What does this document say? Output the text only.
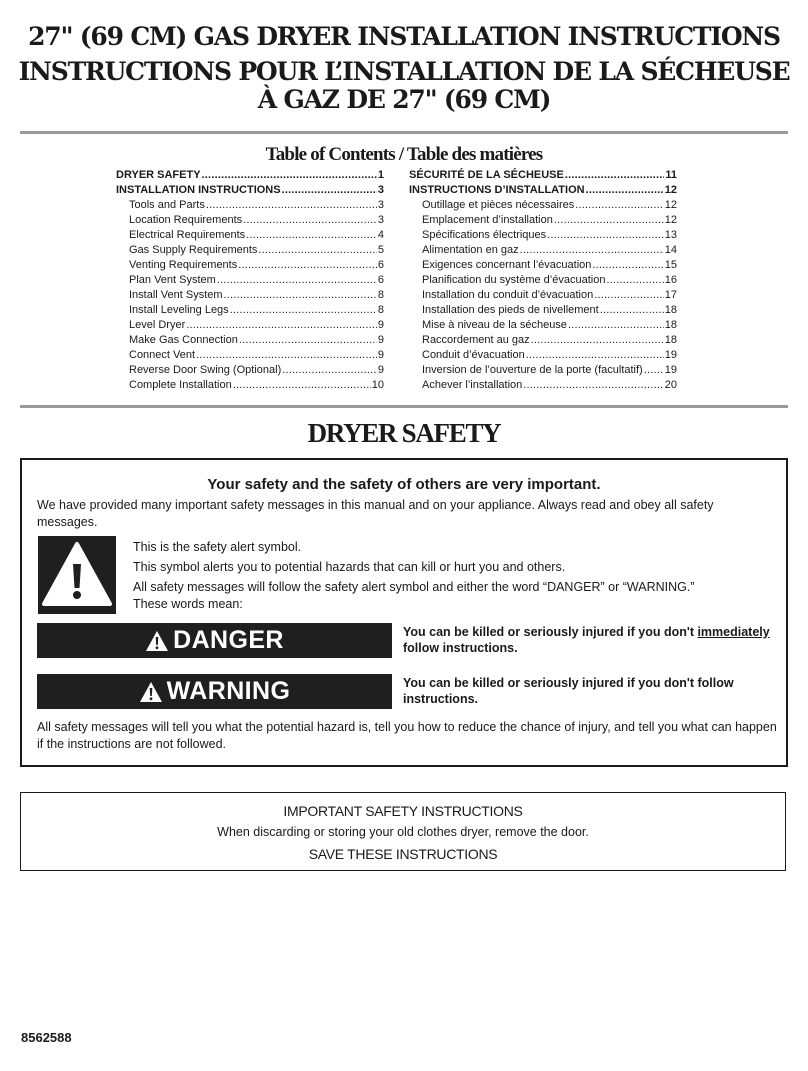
27" (69 CM) GAS DRYER INSTALLATION INSTRUCTIONS
INSTRUCTIONS POUR L’INSTALLATION DE LA SÉCHEUSE
À GAZ DE 27" (69 CM)
Table of Contents / Table des matières
DRYER SAFETY .....	1
INSTALLATION INSTRUCTIONS .....	3
Tools and Parts .....	3
Location Requirements .....	3
Electrical Requirements .....	4
Gas Supply Requirements .....	5
Venting Requirements .....	6
Plan Vent System .....	6
Install Vent System .....	8
Install Leveling Legs .....	8
Level Dryer .....	9
Make Gas Connection .....	9
Connect Vent .....	9
Reverse Door Swing (Optional) .....	9
Complete Installation .....	10
SÉCURITÉ DE LA SÉCHEUSE .....	11
INSTRUCTIONS D’INSTALLATION .....	12
Outillage et pièces nécessaires .....	12
Emplacement d’installation .....	12
Spécifications électriques .....	13
Alimentation en gaz .....	14
Exigences concernant l’évacuation .....	15
Planification du système d’évacuation .....	16
Installation du conduit d’évacuation .....	17
Installation des pieds de nivellement .....	18
Mise à niveau de la sécheuse .....	18
Raccordement au gaz .....	18
Conduit d’évacuation .....	19
Inversion de l’ouverture de la porte (facultatif) ..... 19
Achever l’installation .....	20
DRYER SAFETY
Your safety and the safety of others are very important.
We have provided many important safety messages in this manual and on your appliance. Always read and obey all safety messages.
This is the safety alert symbol.
This symbol alerts you to potential hazards that can kill or hurt you and others.
All safety messages will follow the safety alert symbol and either the word “DANGER” or “WARNING.”
These words mean:
DANGER	You can be killed or seriously injured if you don't immediately
follow instructions.
WARNING	You can be killed or seriously injured if you don't follow
instructions.
All safety messages will tell you what the potential hazard is, tell you how to reduce the chance of injury, and tell you what can happen if the instructions are not followed.
IMPORTANT SAFETY INSTRUCTIONS
When discarding or storing your old clothes dryer, remove the door.
SAVE THESE INSTRUCTIONS
8562588
